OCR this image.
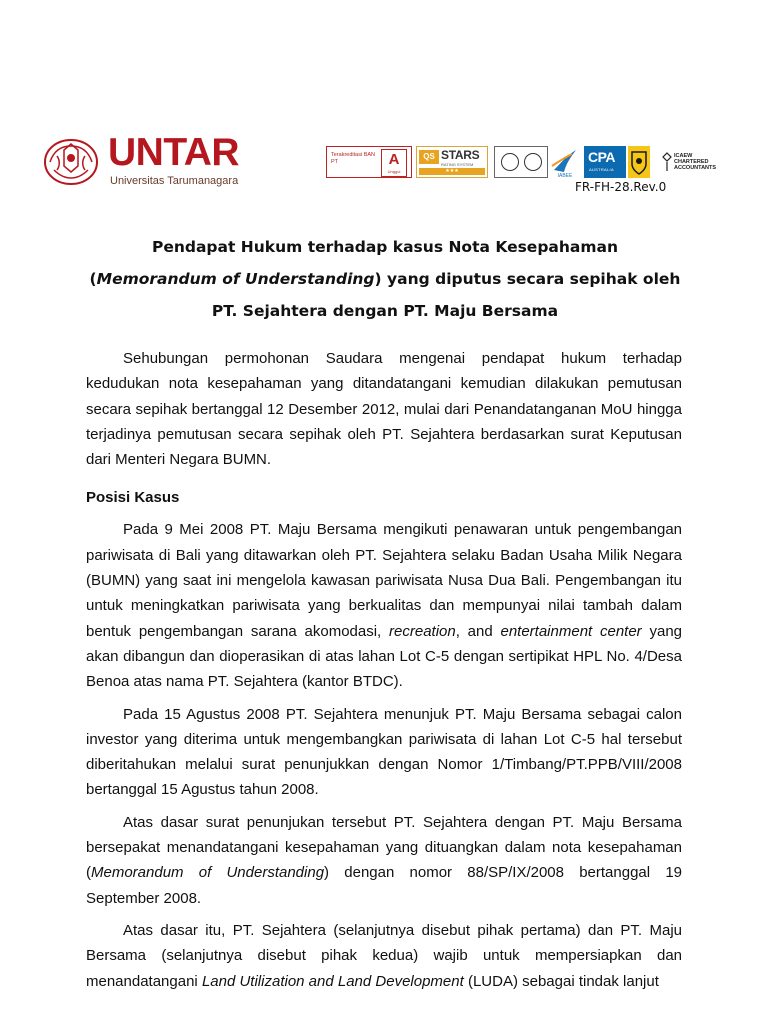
UNTAR
Universitas Tarumanagara
Terakreditasi BAN PT	A
Unggul
QS STARS
RATING SYSTEM
★★★
IABEE
CPA
AUSTRALIA
ICAEW
CHARTERED
ACCOUNTANTS
FR-FH-28.Rev.0
Pendapat Hukum terhadap kasus Nota Kesepahaman (Memorandum of Understanding) yang diputus secara sepihak oleh PT. Sejahtera dengan PT. Maju Bersama

Sehubungan permohonan Saudara mengenai pendapat hukum terhadap kedudukan nota kesepahaman yang ditandatangani kemudian dilakukan pemutusan secara sepihak bertanggal 12 Desember 2012, mulai dari Penandatanganan MoU hingga terjadinya pemutusan secara sepihak oleh PT. Sejahtera berdasarkan surat Keputusan dari Menteri Negara BUMN.

Posisi Kasus

Pada 9 Mei 2008 PT. Maju Bersama mengikuti penawaran untuk pengembangan pariwisata di Bali yang ditawarkan oleh PT. Sejahtera selaku Badan Usaha Milik Negara (BUMN) yang saat ini mengelola kawasan pariwisata Nusa Dua Bali. Pengembangan itu untuk meningkatkan pariwisata yang berkualitas dan mempunyai nilai tambah dalam bentuk pengembangan sarana akomodasi, recreation, and entertainment center yang akan dibangun dan dioperasikan di atas lahan Lot C-5 dengan sertipikat HPL No. 4/Desa Benoa atas nama PT. Sejahtera (kantor BTDC).

Pada 15 Agustus 2008 PT. Sejahtera menunjuk PT. Maju Bersama sebagai calon investor yang diterima untuk mengembangkan pariwisata di lahan Lot C-5 hal tersebut diberitahukan melalui surat penunjukkan dengan Nomor 1/Timbang/PT.PPB/VIII/2008 bertanggal 15 Agustus tahun 2008.

Atas dasar surat penunjukan tersebut PT. Sejahtera dengan PT. Maju Bersama bersepakat menandatangani kesepahaman yang dituangkan dalam nota kesepahaman (Memorandum of Understanding) dengan nomor 88/SP/IX/2008 bertanggal 19 September 2008.

Atas dasar itu, PT. Sejahtera (selanjutnya disebut pihak pertama) dan PT. Maju Bersama (selanjutnya disebut pihak kedua) wajib untuk mempersiapkan dan menandatangani Land Utilization and Land Development (LUDA) sebagai tindak lanjut
